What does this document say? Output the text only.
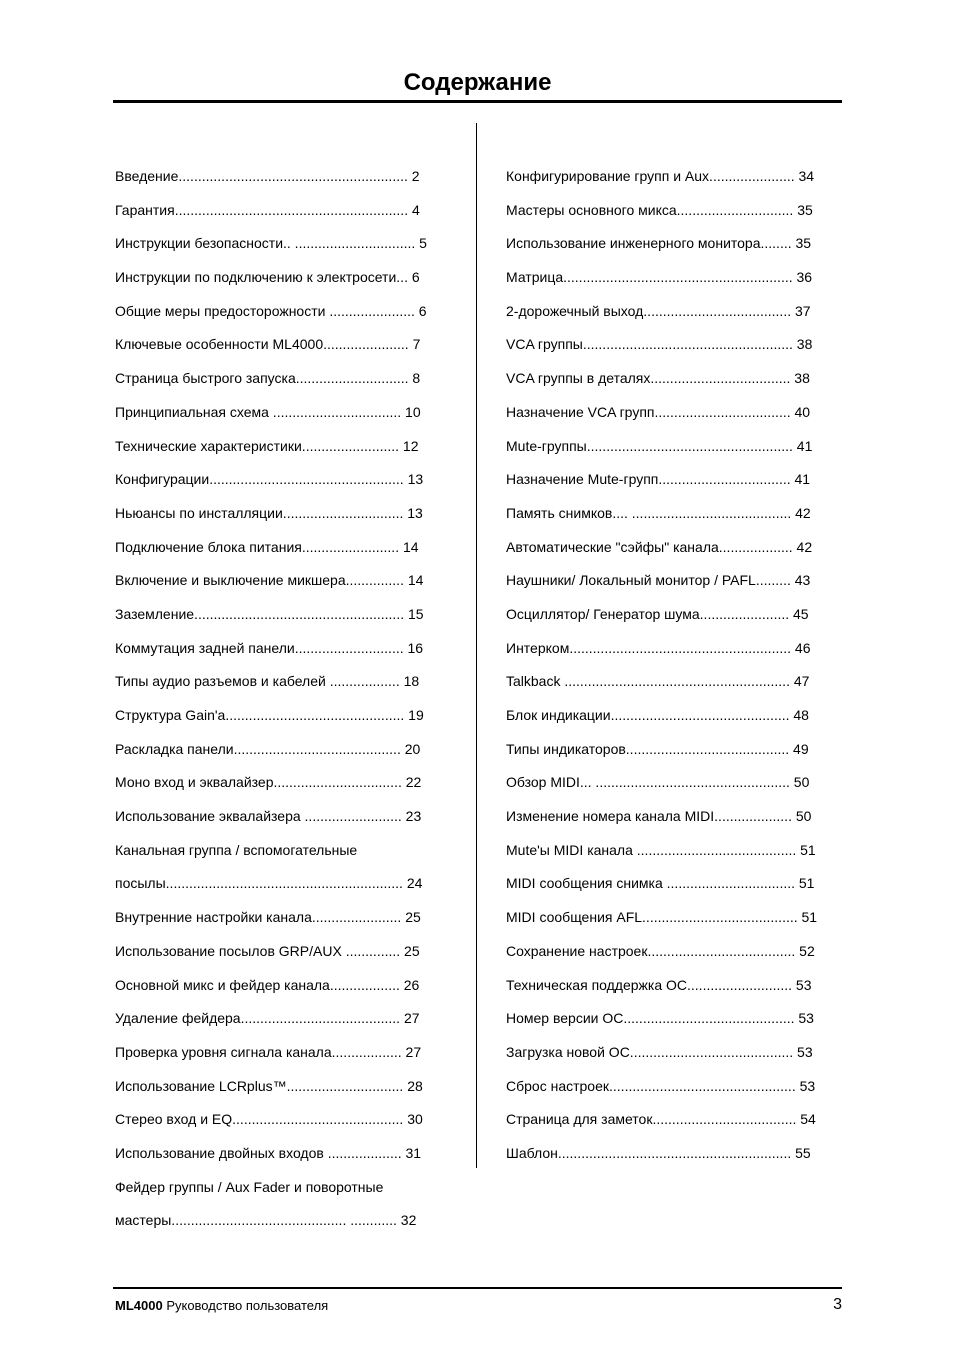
Содержание
Введение........................................................... 2
Гарантия............................................................ 4
Инструкции безопасности.. ............................... 5
Инструкции по подключению к электросети... 6
Общие меры предосторожности ...................... 6
Ключевые особенности ML4000...................... 7
Страница быстрого запуска............................. 8
Принципиальная схема ................................. 10
Технические характеристики......................... 12
Конфигурации.................................................. 13
Ньюансы по инсталляции............................... 13
Подключение блока питания......................... 14
Включение и выключение микшера............... 14
Заземление...................................................... 15
Коммутация задней панели............................ 16
Типы аудио разъемов и кабелей .................. 18
Структура Gain'a.............................................. 19
Раскладка панели........................................... 20
Моно вход и эквалайзер................................. 22
Использование эквалайзера ......................... 23
Канальная группа / вспомогательные
посылы............................................................. 24
Внутренние настройки канала....................... 25
Использование посылов GRP/AUX .............. 25
Основной микс и фейдер канала.................. 26
Удаление фейдера......................................... 27
Проверка уровня сигнала канала.................. 27
Использование LCRplus™.............................. 28
Стерео вход и EQ............................................ 30
Использование двойных входов ................... 31
Фейдер группы / Aux Fader и поворотные
мастеры............................................. ............ 32
Конфигурирование групп и Aux...................... 34
Мастеры основного микса.............................. 35
Использование инженерного монитора........ 35
Матрица........................................................... 36
2-дорожечный выход...................................... 37
VCA группы...................................................... 38
VCA группы в деталях.................................... 38
Назначение VCA групп................................... 40
Mute-группы..................................................... 41
Назначение Mute-групп.................................. 41
Память снимков.... ......................................... 42
Автоматические "сэйфы" канала................... 42
Наушники/ Локальный монитор / PAFL......... 43
Осциллятор/ Генератор шума....................... 45
Интерком......................................................... 46
Talkback .......................................................... 47
Блок индикации.............................................. 48
Типы индикаторов.......................................... 49
Обзор MIDI... .................................................. 50
Изменение номера канала MIDI.................... 50
Mute'ы MIDI канала ......................................... 51
MIDI сообщения снимка ................................. 51
MIDI сообщения AFL........................................ 51
Сохранение настроек...................................... 52
Техническая поддержка ОС........................... 53
Номер версии ОС............................................ 53
Загрузка новой ОС.......................................... 53
Сброс настроек................................................ 53
Страница для заметок..................................... 54
Шаблон............................................................ 55
ML4000 Руководство пользователя	3
